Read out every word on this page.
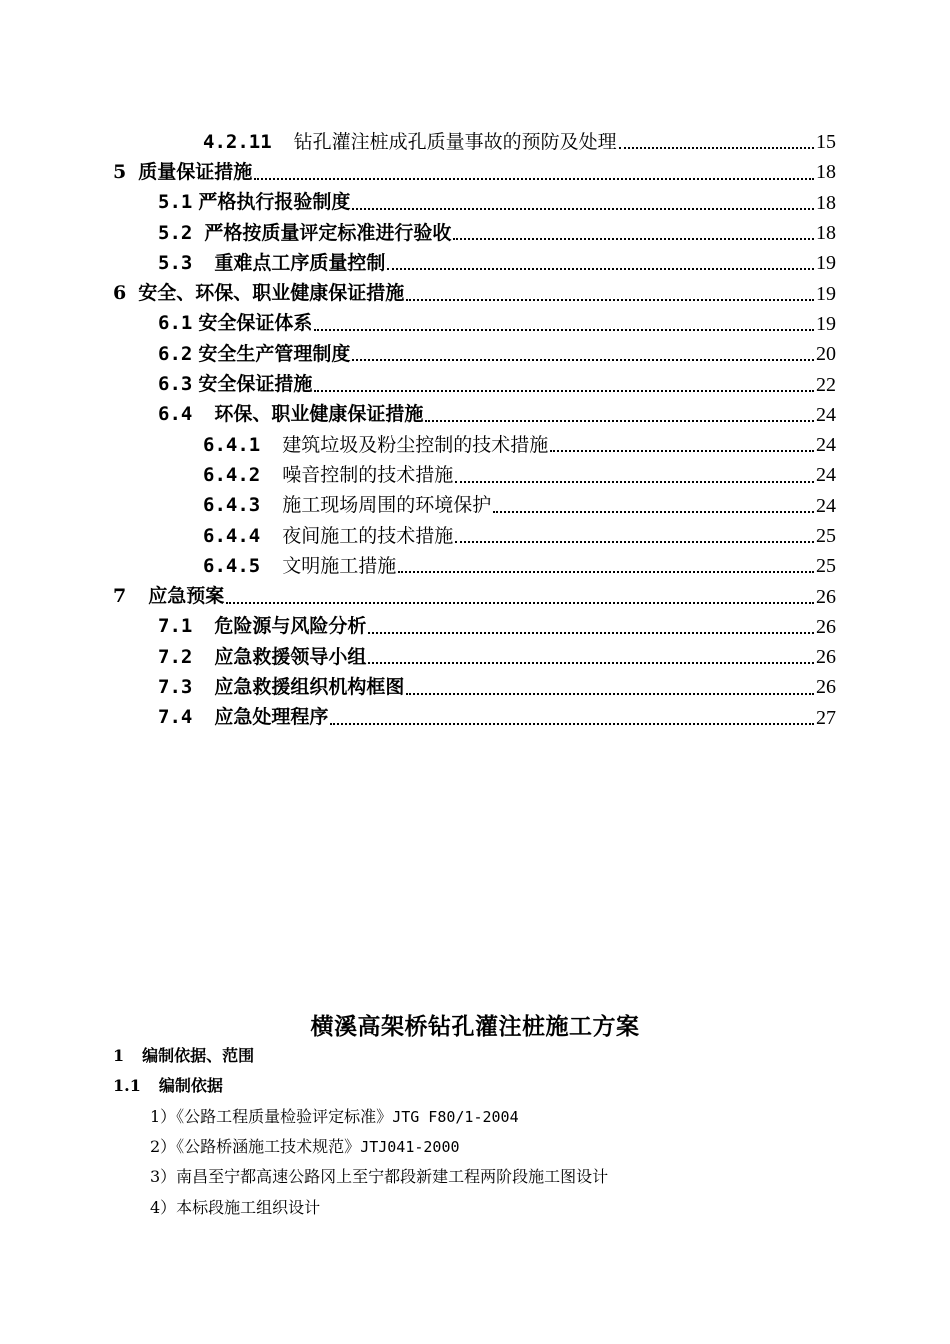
4.2.11 钻孔灌注桩成孔质量事故的预防及处理	15
5 质量保证措施	18
5.1 严格执行报验制度	18
5.2 严格按质量评定标准进行验收	18
5.3 重难点工序质量控制	19
6 安全、环保、职业健康保证措施	19
6.1 安全保证体系	19
6.2 安全生产管理制度	20
6.3 安全保证措施	22
6.4 环保、职业健康保证措施	24
6.4.1 建筑垃圾及粉尘控制的技术措施	24
6.4.2 噪音控制的技术措施	24
6.4.3 施工现场周围的环境保护	24
6.4.4 夜间施工的技术措施	25
6.4.5 文明施工措施	25
7 应急预案	26
7.1 危险源与风险分析	26
7.2 应急救援领导小组	26
7.3 应急救援组织机构框图	26
7.4 应急处理程序	27
横溪高架桥钻孔灌注桩施工方案
1 编制依据、范围
1.1 编制依据
1）《公路工程质量检验评定标准》JTG F80/1-2004
2）《公路桥涵施工技术规范》JTJ041-2000
3）南昌至宁都高速公路冈上至宁都段新建工程两阶段施工图设计
4）本标段施工组织设计
